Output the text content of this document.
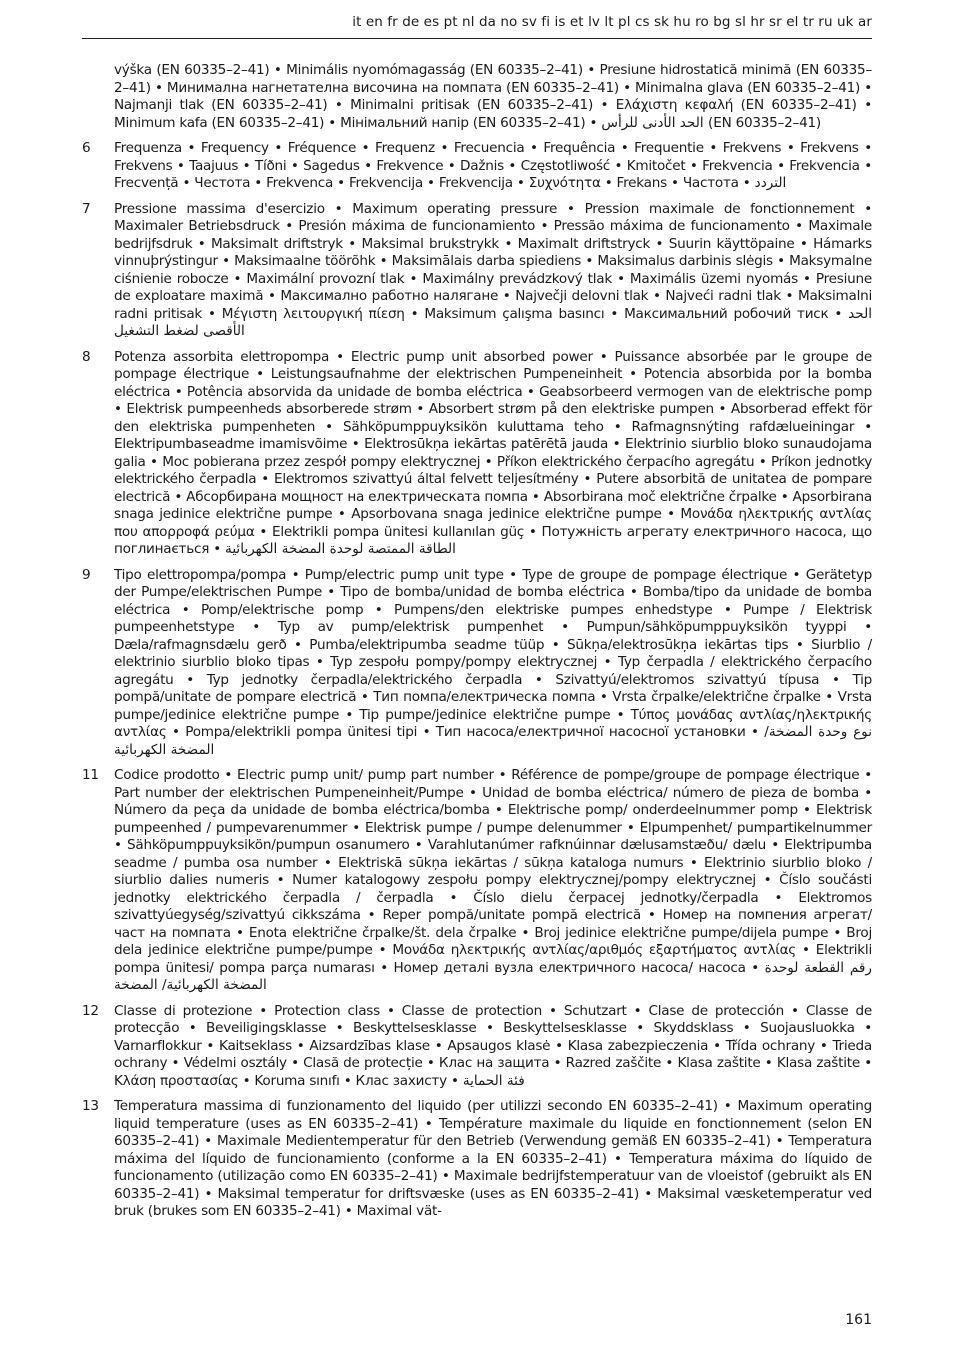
it en fr de es pt nl da no sv fi is et lv lt pl cs sk hu ro bg sl hr sr el tr ru uk ar
výška (EN 60335–2–41) • Minimális nyomómagasság (EN 60335–2–41) • Presiune hidrostatică minimă (EN 60335–2–41) • Минимална нагнетателна височина на помпата (EN 60335–2–41) • Minimalna glava (EN 60335–2–41) • Najmanji tlak (EN 60335–2–41) • Minimalni pritisak (EN 60335–2–41) • Ελάχιστη κεφαλή (EN 60335–2–41) • Minimum kafa (EN 60335–2–41) • Мінімальний напір (EN 60335–2–41) • الحد الأدنى للرأس (EN 60335–2–41)
6	Frequenza • Frequency • Fréquence • Frequenz • Frecuencia • Frequência • Frequentie • Frekvens • Frekvens • Frekvens • Taajuus • Tíðni • Sagedus • Frekvence • Dažnis • Częstotliwość • Kmitočet • Frekvencia • Frekvencia • Frecvență • Честота • Frekvenca • Frekvencija • Frekvencija • Συχνότητα • Frekans • Частота • التردد
7	Pressione massima d'esercizio • Maximum operating pressure • Pression maximale de fonctionnement • Maximaler Betriebsdruck • Presión máxima de funcionamiento • Pressão máxima de funcionamento • Maximale bedrijfsdruk • Maksimalt driftstryk • Maksimal brukstrykk • Maximalt driftstryck • Suurin käyttöpaine • Hámarks vinnuþrýstingur • Maksimaalne töörõhk • Maksimālais darba spiediens • Maksimalus darbinis slėgis • Maksymalne ciśnienie robocze • Maximální provozní tlak • Maximálny prevádzkový tlak • Maximális üzemi nyomás • Presiune de exploatare maximă • Максимално работно налягане • Največji delovni tlak • Najveći radni tlak • Maksimalni radni pritisak • Μέγιστη λειτουργική πίεση • Maksimum çalışma basıncı • Максимальний робочий тиск • الحد الأقصى لضغط التشغيل
8	Potenza assorbita elettropompa • Electric pump unit absorbed power • Puissance absorbée par le groupe de pompage électrique • Leistungsaufnahme der elektrischen Pumpeneinheit • Potencia absorbida por la bomba eléctrica • Potência absorvida da unidade de bomba eléctrica • Geabsorbeerd vermogen van de elektrische pomp • Elektrisk pumpeenheds absorberede strøm • Absorbert strøm på den elektriske pumpen • Absorberad effekt för den elektriska pumpenheten • Sähköpumppuyksikön kuluttama teho • Rafmagnsnýting rafdælueiningar • Elektripumbaseadme imamisvõime • Elektrosūkņa iekārtas patērētā jauda • Elektrinio siurblio bloko sunaudojama galia • Moc pobierana przez zespół pompy elektrycznej • Příkon elektrického čerpacího agregátu • Príkon jednotky elektrického čerpadla • Elektromos szivattyú által felvett teljesítmény • Putere absorbită de unitatea de pompare electrică • Абсорбирана мощност на електрическата помпа • Absorbirana moč električne črpalke • Apsorbirana snaga jedinice električne pumpe • Apsorbovana snaga jedinice električne pumpe • Μονάδα ηλεκτρικής αντλίας που απορροφά ρεύμα • Elektrikli pompa ünitesi kullanılan güç • Потужність агрегату електричного насоса, що поглинається • الطاقة الممتصة لوحدة المضخة الكهربائية
9	Tipo elettropompa/pompa • Pump/electric pump unit type • Type de groupe de pompage électrique • Gerätetyp der Pumpe/elektrischen Pumpe • Tipo de bomba/unidad de bomba eléctrica • Bomba/tipo da unidade de bomba eléctrica • Pomp/elektrische pomp • Pumpens/den elektriske pumpes enhedstype • Pumpe / Elektrisk pumpeenhetstype • Typ av pump/elektrisk pumpenhet • Pumpun/sähköpumppuyksikön tyyppi • Dæla/rafmagnsdælu gerð • Pumba/elektripumba seadme tüüp • Sūkņa/elektrosūkņa iekārtas tips • Siurblio / elektrinio siurblio bloko tipas • Typ zespołu pompy/pompy elektrycznej • Typ čerpadla / elektrického čerpacího agregátu • Typ jednotky čerpadla/elektrického čerpadla • Szivattyú/elektromos szivattyú típusa • Tip pompă/unitate de pompare electrică • Тип помпа/електрическа помпа • Vrsta črpalke/električne črpalke • Vrsta pumpe/jedinice električne pumpe • Tip pumpe/jedinice električne pumpe • Τύπος μονάδας αντλίας/ηλεκτρικής αντλίας • Pompa/elektrikli pompa ünitesi tipi • Тип насоса/електричної насосної установки • نوع وحدة المضخة/المضخة الكهربائية
11	Codice prodotto • Electric pump unit/ pump part number • Référence de pompe/groupe de pompage électrique • Part number der elektrischen Pumpeneinheit/Pumpe • Unidad de bomba eléctrica/ número de pieza de bomba • Número da peça da unidade de bomba eléctrica/bomba • Elektrische pomp/ onderdeelnummer pomp • Elektrisk pumpeenhed / pumpevarenummer • Elektrisk pumpe / pumpe delenummer • Elpumpenhet/ pumpartikelnummer • Sähköpumppuyksikön/pumpun osanumero • Varahlutanúmer rafknúinnar dælusamstæðu/ dælu • Elektripumba seadme / pumba osa number • Elektriskā sūkņa iekārtas / sūkņa kataloga numurs • Elektrinio siurblio bloko / siurblio dalies numeris • Numer katalogowy zespołu pompy elektrycznej/pompy elektrycznej • Číslo součásti jednotky elektrického čerpadla / čerpadla • Číslo dielu čerpacej jednotky/čerpadla • Elektromos szivattyúegység/szivattyú cikkszáma • Reper pompă/unitate pompă electrică • Номер на помпения агрегат/ част на помпата • Enota električne črpalke/št. dela črpalke • Broj jedinice električne pumpe/dijela pumpe • Broj dela jedinice električne pumpe/pumpe • Μονάδα ηλεκτρικής αντλίας/αριθμός εξαρτήματος αντλίας • Elektrikli pompa ünitesi/ pompa parça numarası • Номер деталі вузла електричного насоса/ насоса • رقم القطعة لوحدة المضخة الكهربائية/ المضخة
12	Classe di protezione • Protection class • Classe de protection • Schutzart • Clase de protección • Classe de protecção • Beveiligingsklasse • Beskyttelsesklasse • Beskyttelsesklasse • Skyddsklass • Suojausluokka • Varnarflokkur • Kaitseklass • Aizsardzības klase • Apsaugos klasė • Klasa zabezpieczenia • Třída ochrany • Trieda ochrany • Védelmi osztály • Clasă de protecție • Клас на защита • Razred zaščite • Klasa zaštite • Klasa zaštite • Κλάση προστασίας • Koruma sınıfı • Клас захисту • فئة الحماية
13	Temperatura massima di funzionamento del liquido (per utilizzi secondo EN 60335–2–41) • Maximum operating liquid temperature (uses as EN 60335–2–41) • Température maximale du liquide en fonctionnement (selon EN 60335–2–41) • Maximale Medientemperatur für den Betrieb (Verwendung gemäß EN 60335–2–41) • Temperatura máxima del líquido de funcionamiento (conforme a la EN 60335–2–41) • Temperatura máxima do líquido de funcionamento (utilização como EN 60335–2–41) • Maximale bedrijfstemperatuur van de vloeistof (gebruikt als EN 60335–2–41) • Maksimal temperatur for driftsvæske (uses as EN 60335–2–41) • Maksimal væsketemperatur ved bruk (brukes som EN 60335–2–41) • Maximal vät-
161
